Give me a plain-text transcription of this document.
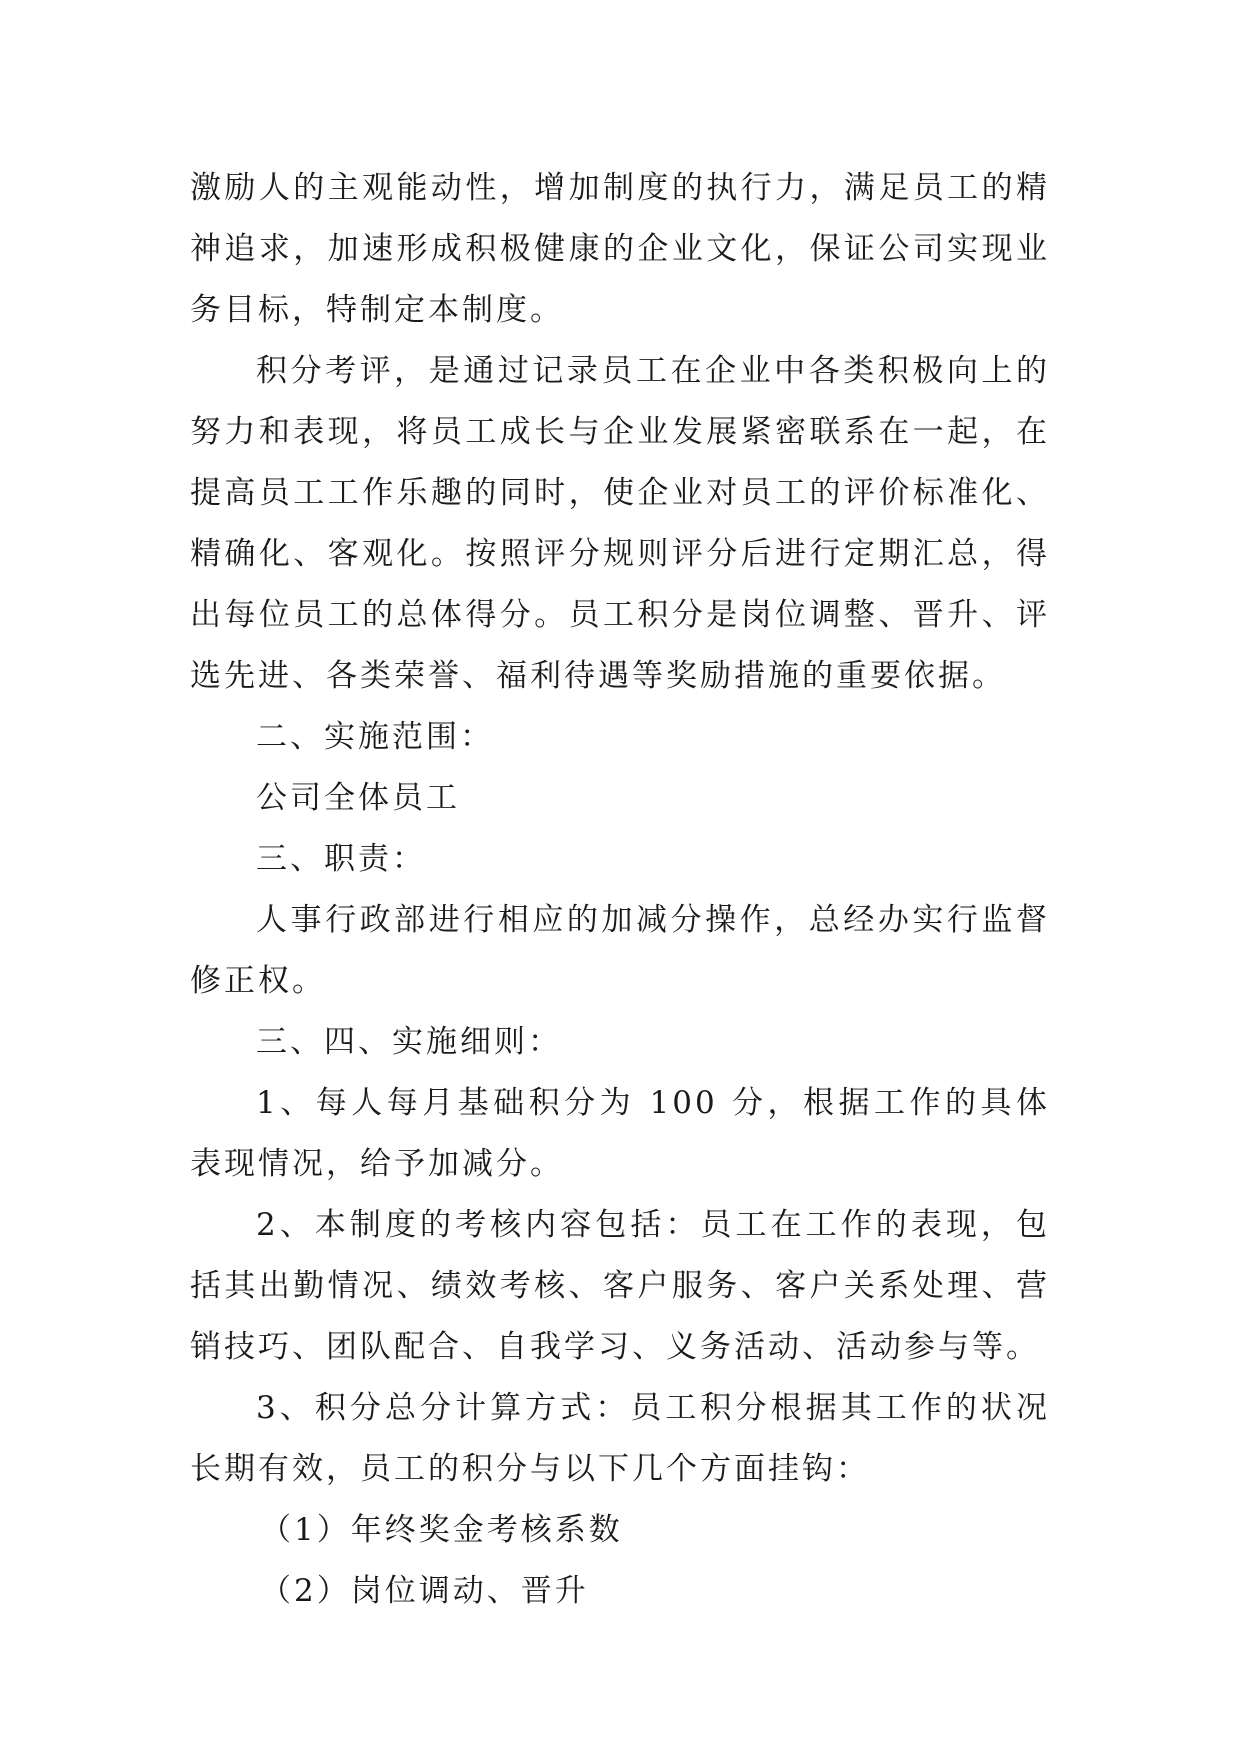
激励人的主观能动性，增加制度的执行力，满足员工的精神追求，加速形成积极健康的企业文化，保证公司实现业务目标，特制定本制度。

积分考评，是通过记录员工在企业中各类积极向上的努力和表现，将员工成长与企业发展紧密联系在一起，在提高员工工作乐趣的同时，使企业对员工的评价标准化、精确化、客观化。按照评分规则评分后进行定期汇总，得出每位员工的总体得分。员工积分是岗位调整、晋升、评选先进、各类荣誉、福利待遇等奖励措施的重要依据。

二、实施范围：

公司全体员工

三、职责：

人事行政部进行相应的加减分操作，总经办实行监督修正权。

三、四、实施细则：

1、每人每月基础积分为 100 分，根据工作的具体表现情况，给予加减分。

2、本制度的考核内容包括：员工在工作的表现，包括其出勤情况、绩效考核、客户服务、客户关系处理、营销技巧、团队配合、自我学习、义务活动、活动参与等。

3、积分总分计算方式：员工积分根据其工作的状况长期有效，员工的积分与以下几个方面挂钩：

（1）年终奖金考核系数

（2）岗位调动、晋升
